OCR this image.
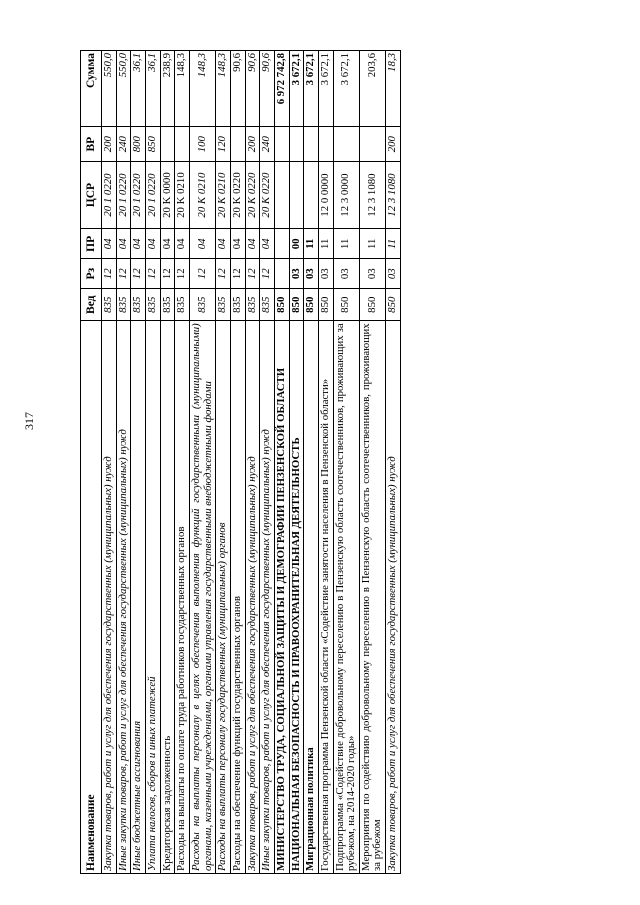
317
Наименование	Вед	Рз	ПР	ЦСР	ВР	Сумма
Закупка товаров, работ и услуг для обеспечения государственных (муниципальных) нужд	835	12	04	20 1 0220	200	550,0
Иные закупки товаров, работ и услуг для обеспечения государственных (муниципальных) нужд	835	12	04	20 1 0220	240	550,0
Иные бюджетные ассигнования	835	12	04	20 1 0220	800	36,1
Уплата налогов, сборов и иных платежей	835	12	04	20 1 0220	850	36,1
Кредиторская задолженность	835	12	04	20 K 0000		238,9
Расходы на выплаты по оплате труда работников государственных органов	835	12	04	20 K 0210		148,3
Расходы на выплаты персоналу в целях обеспечения выполнения функций государственными (муниципальными) органами, казенными учреждениями, органами управления государственными внебюджетными фондами	835	12	04	20 K 0210	100	148,3
Расходы на выплаты персоналу государственных (муниципальных) органов	835	12	04	20 K 0210	120	148,3
Расходы на обеспечение функций государственных органов	835	12	04	20 K 0220		90,6
Закупка товаров, работ и услуг для обеспечения государственных (муниципальных) нужд	835	12	04	20 K 0220	200	90,6
Иные закупки товаров, работ и услуг для обеспечения государственных (муниципальных) нужд	835	12	04	20 K 0220	240	90,6
МИНИСТЕРСТВО ТРУДА, СОЦИАЛЬНОЙ ЗАЩИТЫ И ДЕМОГРАФИИ ПЕНЗЕНСКОЙ ОБЛАСТИ	850					6 972 742,8
НАЦИОНАЛЬНАЯ БЕЗОПАСНОСТЬ И ПРАВООХРАНИТЕЛЬНАЯ ДЕЯТЕЛЬНОСТЬ	850	03	00			3 672,1
Миграционная политика	850	03	11			3 672,1
Государственная программа Пензенской области «Содействие занятости населения в Пензенской области»	850	03	11	12 0 0000		3 672,1
Подпрограмма «Содействие добровольному переселению в Пензенскую область соотечественников, проживающих за рубежом, на 2014-2020 годы»	850	03	11	12 3 0000		3 672,1
Мероприятия по содействию добровольному переселению в Пензенскую область соотечественников, проживающих за рубежом	850	03	11	12 3 1080		203,6
Закупка товаров, работ и услуг для обеспечения государственных (муниципальных) нужд	850	03	11	12 3 1080	200	18,3
